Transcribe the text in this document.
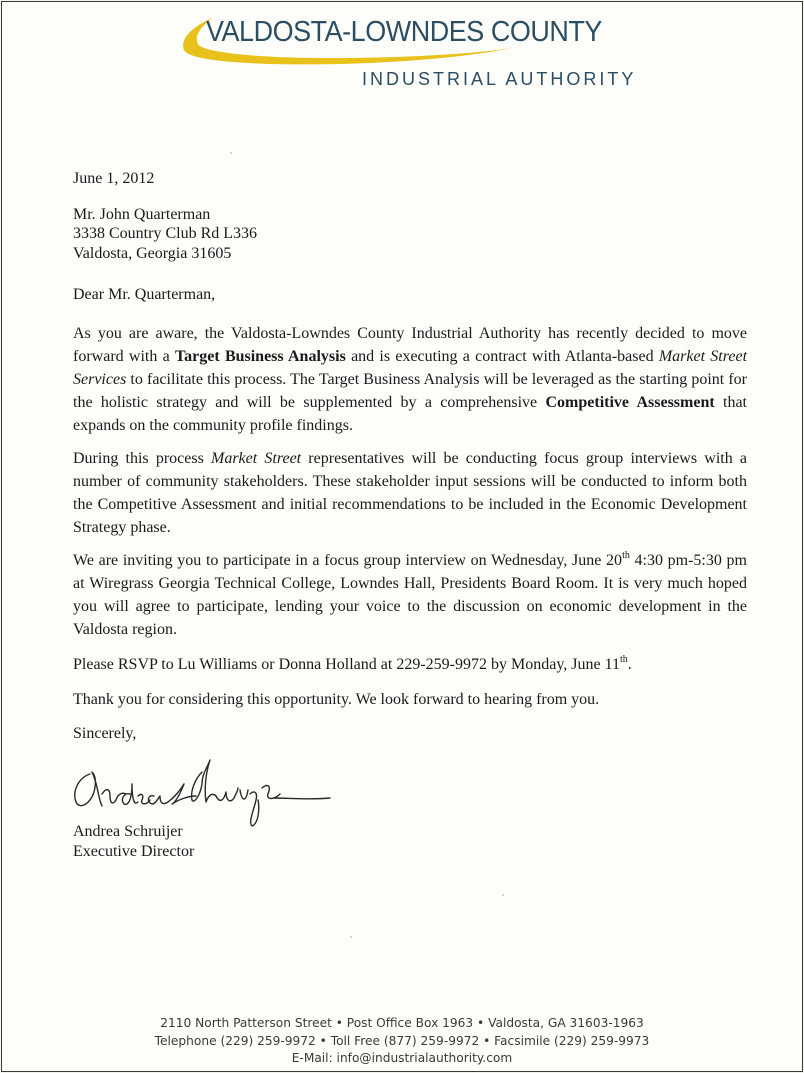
VALDOSTA-LOWNDES COUNTY
INDUSTRIAL AUTHORITY
June 1, 2012
Mr. John Quarterman
3338 Country Club Rd L336
Valdosta, Georgia 31605
Dear Mr. Quarterman,
As you are aware, the Valdosta-Lowndes County Industrial Authority has recently decided to move forward with a Target Business Analysis and is executing a contract with Atlanta-based Market Street Services to facilitate this process. The Target Business Analysis will be leveraged as the starting point for the holistic strategy and will be supplemented by a comprehensive Competitive Assessment that expands on the community profile findings.
During this process Market Street representatives will be conducting focus group interviews with a number of community stakeholders. These stakeholder input sessions will be conducted to inform both the Competitive Assessment and initial recommendations to be included in the Economic Development Strategy phase.
We are inviting you to participate in a focus group interview on Wednesday, June 20th 4:30 pm-5:30 pm at Wiregrass Georgia Technical College, Lowndes Hall, Presidents Board Room. It is very much hoped you will agree to participate, lending your voice to the discussion on economic development in the Valdosta region.
Please RSVP to Lu Williams or Donna Holland at 229-259-9972 by Monday, June 11th.
Thank you for considering this opportunity. We look forward to hearing from you.
Sincerely,
Andrea Schruijer
Executive Director
2110 North Patterson Street • Post Office Box 1963 • Valdosta, GA 31603-1963
Telephone (229) 259-9972 • Toll Free (877) 259-9972 • Facsimile (229) 259-9973
E-Mail: info@industrialauthority.com
